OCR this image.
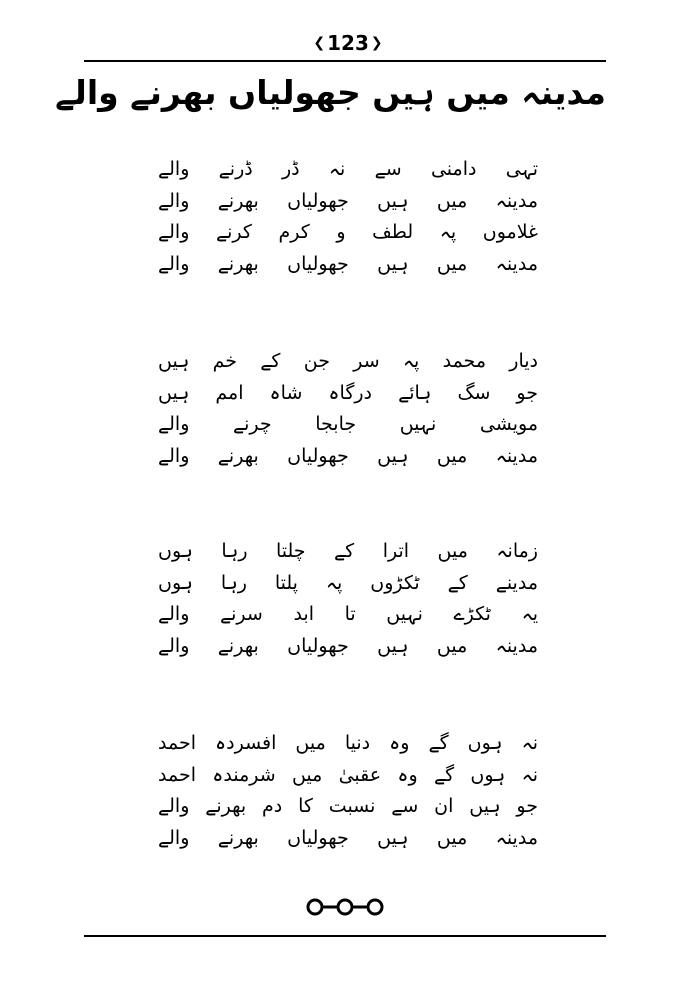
❮ 123 ❯
مدینہ میں ہیں جھولیاں بھرنے والے
تہی دامنی سے نہ ڈر ڈرنے والے
مدینہ میں ہیں جھولیاں بھرنے والے
غلاموں پہ لطف و کرم کرنے والے
مدینہ میں ہیں جھولیاں بھرنے والے
دیار محمد پہ سر جن کے خم ہیں
جو سگ ہائے درگاہ شاہ امم ہیں
مویشی نہیں جابجا چرنے والے
مدینہ میں ہیں جھولیاں بھرنے والے
زمانہ میں اترا کے چلتا رہا ہوں
مدینے کے ٹکڑوں پہ پلتا رہا ہوں
یہ ٹکڑے نہیں تا ابد سرنے والے
مدینہ میں ہیں جھولیاں بھرنے والے
نہ ہوں گے وہ دنیا میں افسردہ احمد
نہ ہوں گے وہ عقبیٰ میں شرمندہ احمد
جو ہیں ان سے نسبت کا دم بھرنے والے
مدینہ میں ہیں جھولیاں بھرنے والے
